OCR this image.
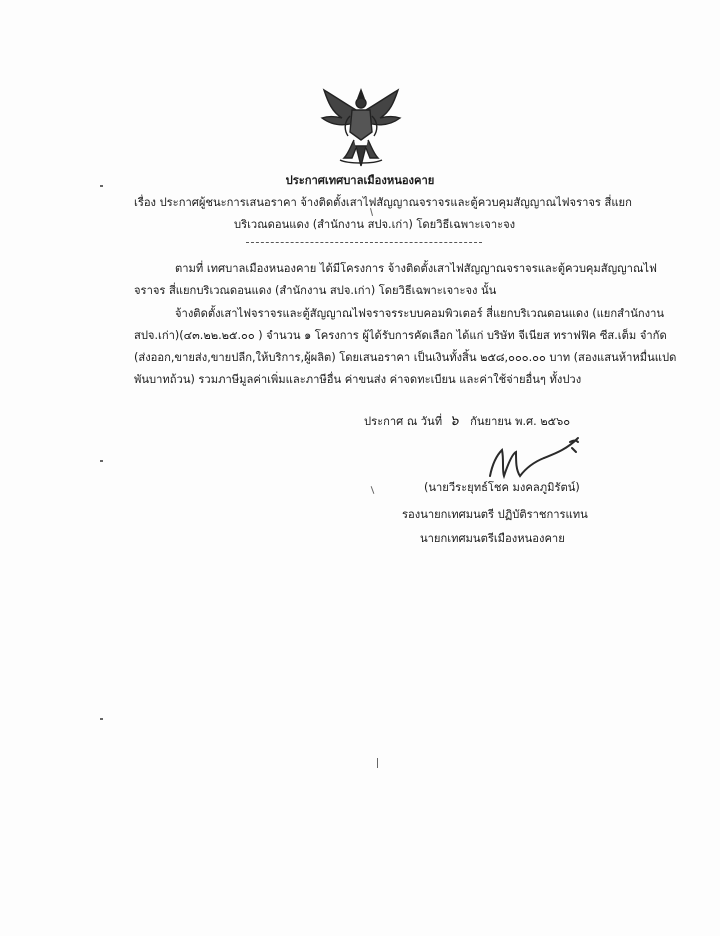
ประกาศเทศบาลเมืองหนองคาย
เรื่อง ประกาศผู้ชนะการเสนอราคา จ้างติดตั้งเสาไฟสัญญาณจราจรและตู้ควบคุมสัญญาณไฟจราจร สี่แยก
บริเวณดอนแดง (สำนักงาน สปจ.เก่า) โดยวิธีเฉพาะเจาะจง
ตามที่ เทศบาลเมืองหนองคาย ได้มีโครงการ จ้างติดตั้งเสาไฟสัญญาณจราจรและตู้ควบคุมสัญญาณไฟ
จราจร สี่แยกบริเวณดอนแดง (สำนักงาน สปจ.เก่า) โดยวิธีเฉพาะเจาะจง นั้น
จ้างติดตั้งเสาไฟจราจรและตู้สัญญาณไฟจราจรระบบคอมพิวเตอร์ สี่แยกบริเวณดอนแดง (แยกสำนักงาน
สปจ.เก่า)(๔๓.๒๒.๒๕.๐๐ ) จำนวน ๑ โครงการ ผู้ได้รับการคัดเลือก ได้แก่ บริษัท จีเนียส ทราฟฟิค ซีส.เต็ม จำกัด
(ส่งออก,ขายส่ง,ขายปลีก,ให้บริการ,ผู้ผลิต) โดยเสนอราคา เป็นเงินทั้งสิ้น ๒๕๘,๐๐๐.๐๐ บาท (สองแสนห้าหมื่นแปด
พันบาทถ้วน) รวมภาษีมูลค่าเพิ่มและภาษีอื่น ค่าขนส่ง ค่าจดทะเบียน และค่าใช้จ่ายอื่นๆ ทั้งปวง
ประกาศ ณ วันที่ ๖ กันยายน พ.ศ. ๒๕๖๐
(นายวีระยุทธ์โชค มงคลภูมิรัตน์)
รองนายกเทศมนตรี ปฏิบัติราชการแทน
นายกเทศมนตรีเมืองหนองคาย
